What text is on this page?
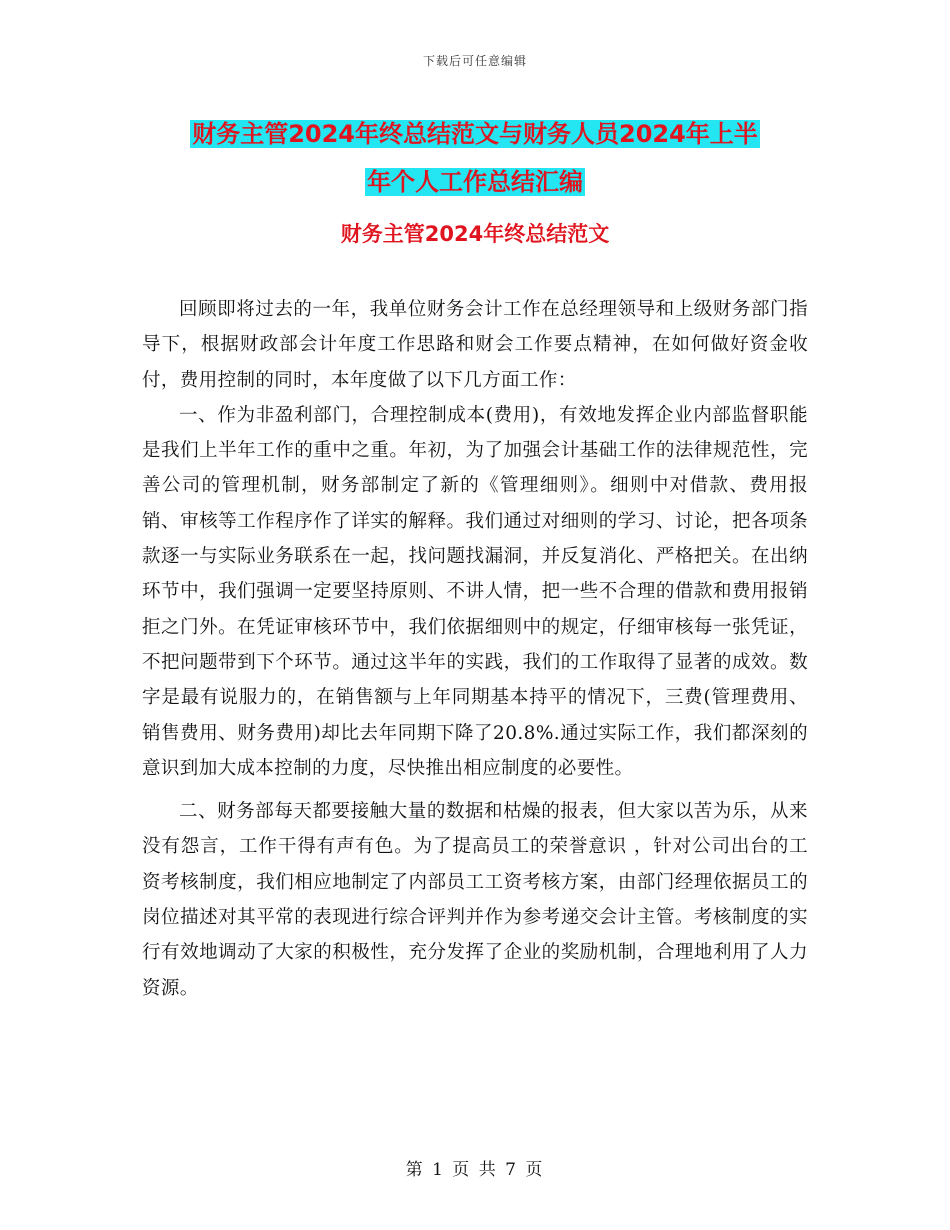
下载后可任意编辑
财务主管2024年终总结范文与财务人员2024年上半
年个人工作总结汇编
财务主管2024年终总结范文

回顾即将过去的一年，我单位财务会计工作在总经理领导和上级财务部门指导下，根据财政部会计年度工作思路和财会工作要点精神，在如何做好资金收付，费用控制的同时，本年度做了以下几方面工作：

一、作为非盈利部门，合理控制成本(费用)，有效地发挥企业内部监督职能是我们上半年工作的重中之重。年初，为了加强会计基础工作的法律规范性，完善公司的管理机制，财务部制定了新的《管理细则》。细则中对借款、费用报销、审核等工作程序作了详实的解释。我们通过对细则的学习、讨论，把各项条款逐一与实际业务联系在一起，找问题找漏洞，并反复消化、严格把关。在出纳环节中，我们强调一定要坚持原则、不讲人情，把一些不合理的借款和费用报销拒之门外。在凭证审核环节中，我们依据细则中的规定，仔细审核每一张凭证，不把问题带到下个环节。通过这半年的实践，我们的工作取得了显著的成效。数字是最有说服力的，在销售额与上年同期基本持平的情况下，三费(管理费用、销售费用、财务费用)却比去年同期下降了20.8%.通过实际工作，我们都深刻的意识到加大成本控制的力度，尽快推出相应制度的必要性。

二、财务部每天都要接触大量的数据和枯燥的报表，但大家以苦为乐，从来没有怨言，工作干得有声有色。为了提高员工的荣誉意识 ，针对公司出台的工资考核制度，我们相应地制定了内部员工工资考核方案，由部门经理依据员工的岗位描述对其平常的表现进行综合评判并作为参考递交会计主管。考核制度的实行有效地调动了大家的积极性，充分发挥了企业的奖励机制，合理地利用了人力资源。

第 1 页 共 7 页
